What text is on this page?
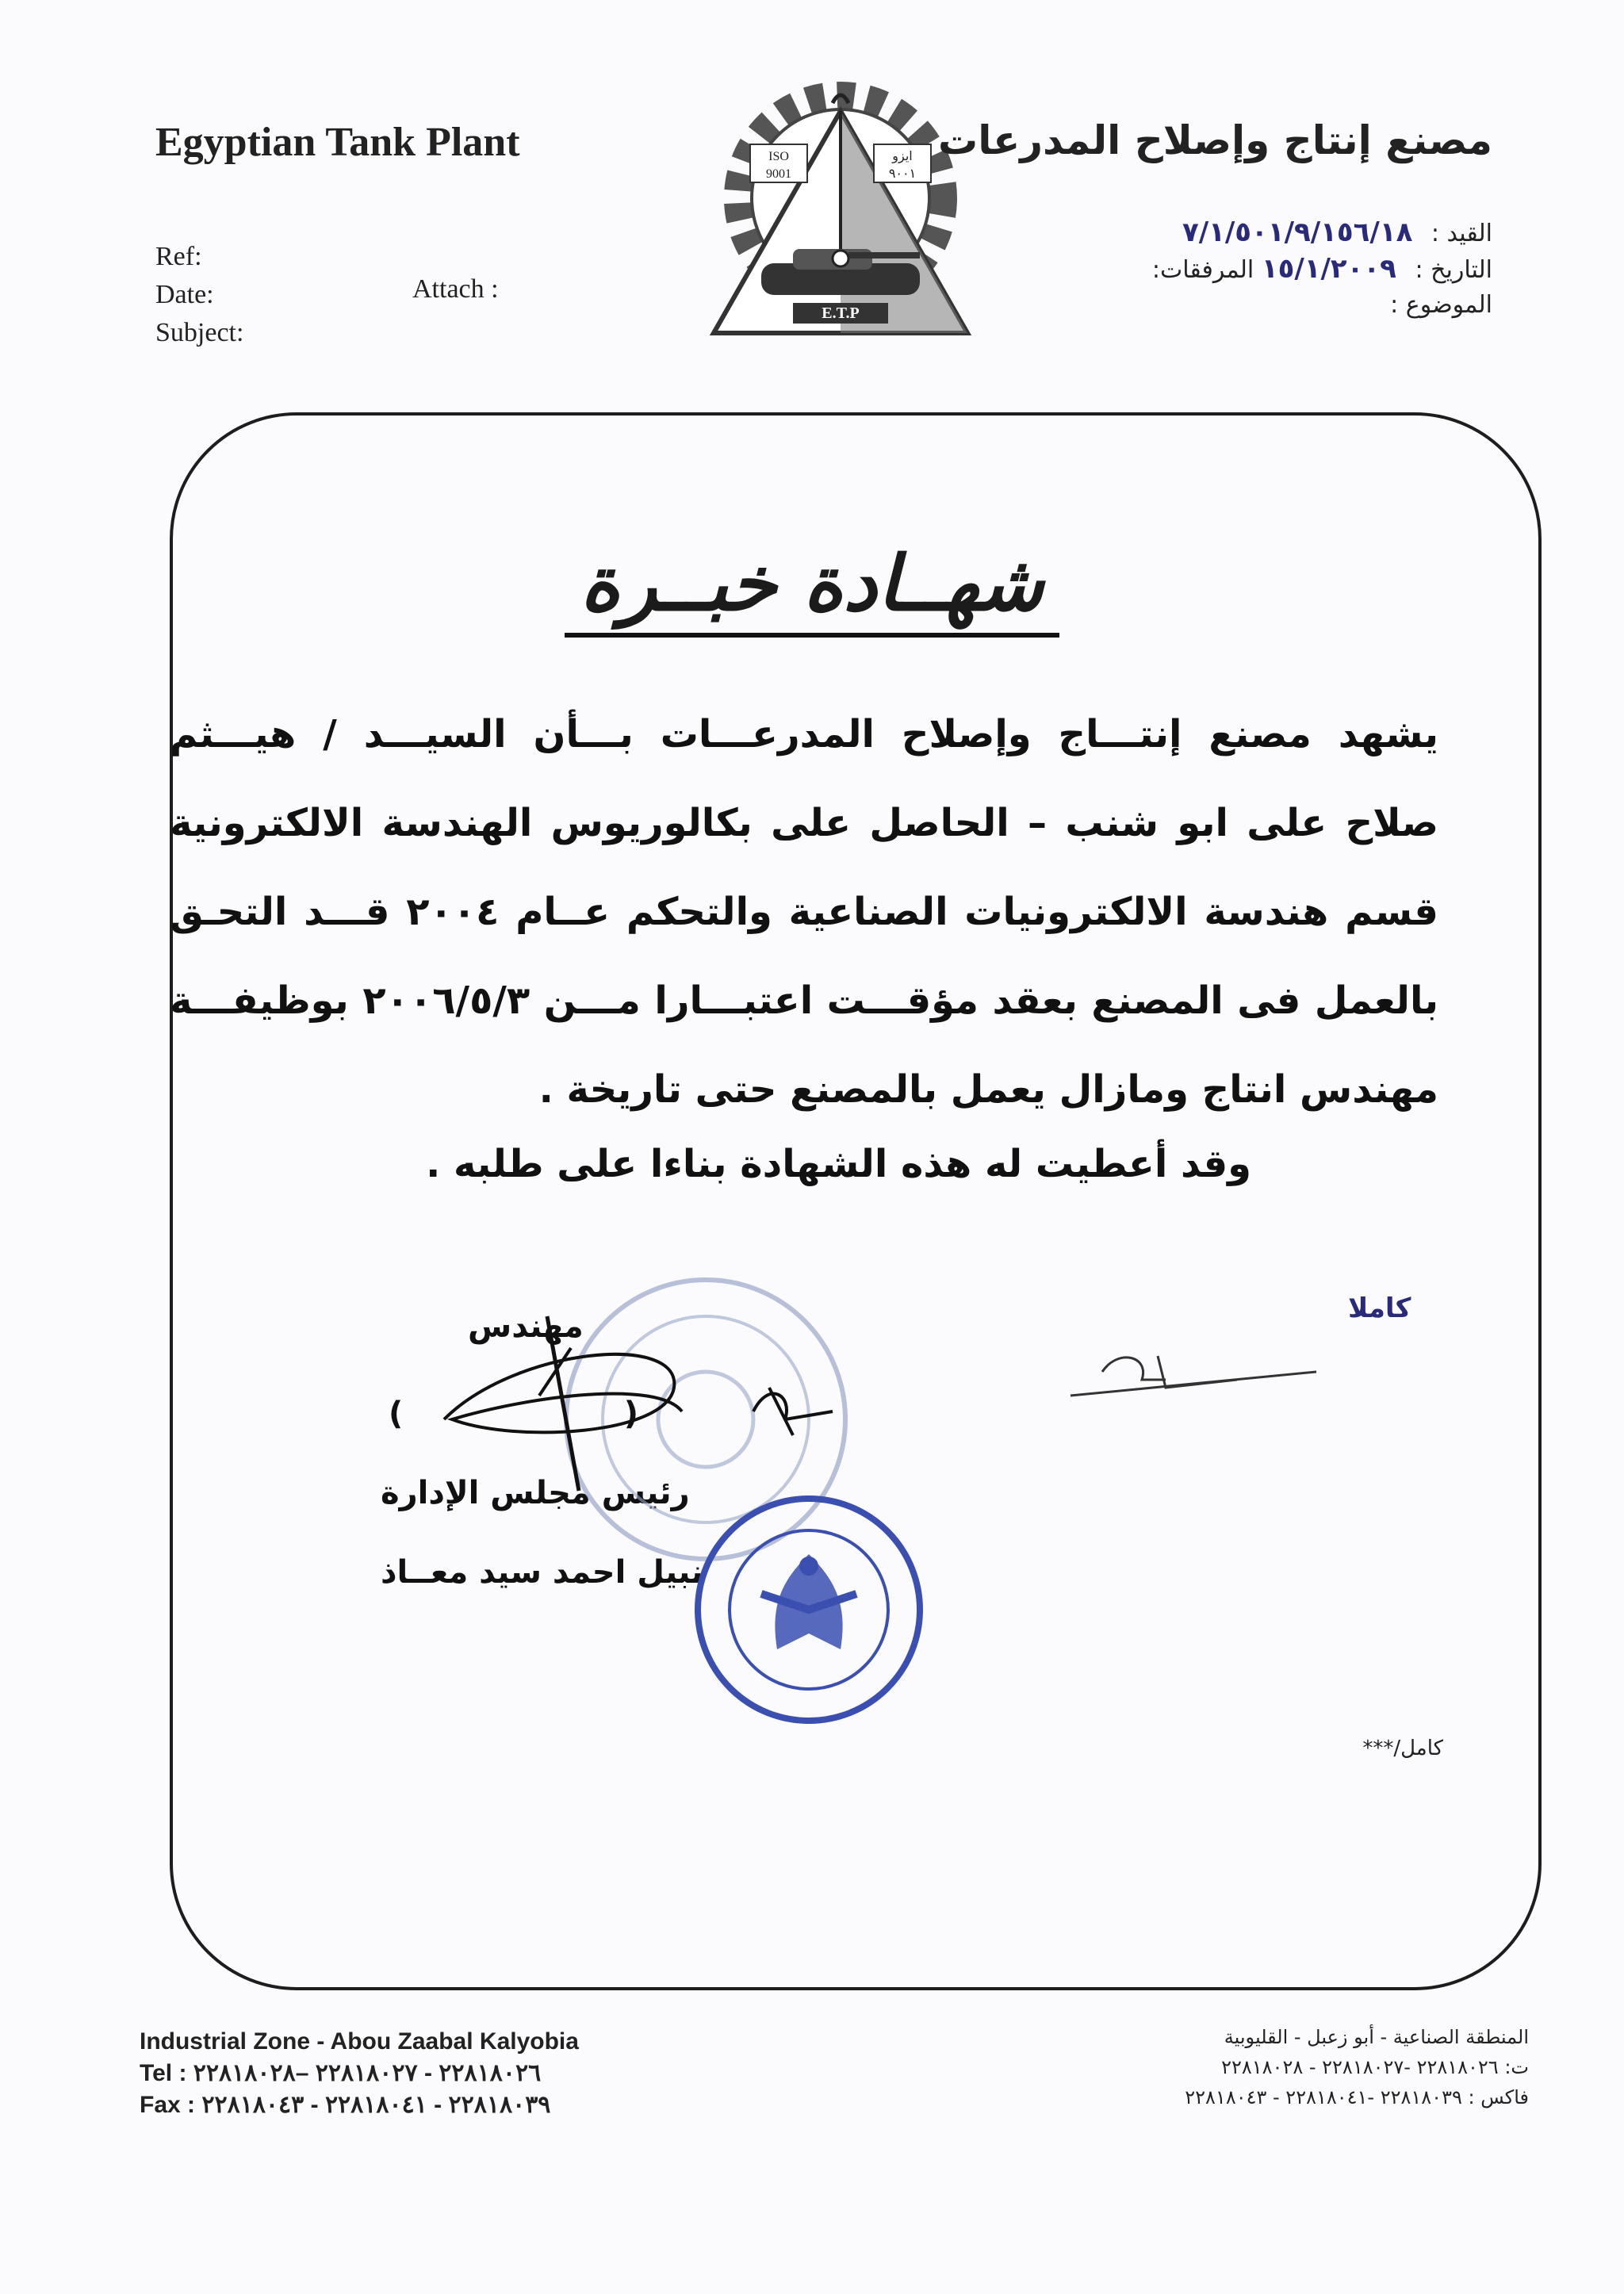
Egyptian Tank Plant
Ref:
Date:
Subject:
Attach :
ISO
9001
ايزو
٩٠٠١
E.T.P
مصنع إنتاج وإصلاح المدرعات
القيد : ٧/١/٥٠١/٩/١٥٦/١٨
التاريخ : ١٥/١/٢٠٠٩ المرفقات:
الموضوع :
شهــادة خبــرة

يشهد مصنع إنتـــاج وإصلاح المدرعـــات بـــأن السيـــد / هيـــثم

صلاح على ابو شنب – الحاصل على بكالوريوس الهندسة الالكترونية

قسم هندسة الالكترونيات الصناعية والتحكم عــام ٢٠٠٤ قـــد التحـق

بالعمل فى المصنع بعقد مؤقـــت اعتبـــارا مـــن ٢٠٠٦/٥/٣ بوظيفـــة

مهندس انتاج ومازال يعمل بالمصنع حتى تاريخة .

وقد أعطيت له هذه الشهادة بناءا على طلبه .
مهندس
(                    )
رئيس مجلس الإدارة
نبيل احمد سيد معــاذ
كاملا
كامل/***
Industrial Zone - Abou Zaabal Kalyobia
Tel : ٢٢٨١٨٠٢٦ - ٢٢٨١٨٠٢٧ –٢٢٨١٨٠٢٨
Fax : ٢٢٨١٨٠٣٩ - ٢٢٨١٨٠٤١ - ٢٢٨١٨٠٤٣
المنطقة الصناعية - أبو زعبل - القليوبية
ت: ٢٢٨١٨٠٢٦ -٢٢٨١٨٠٢٧ - ٢٢٨١٨٠٢٨
فاكس : ٢٢٨١٨٠٣٩ -٢٢٨١٨٠٤١ - ٢٢٨١٨٠٤٣
